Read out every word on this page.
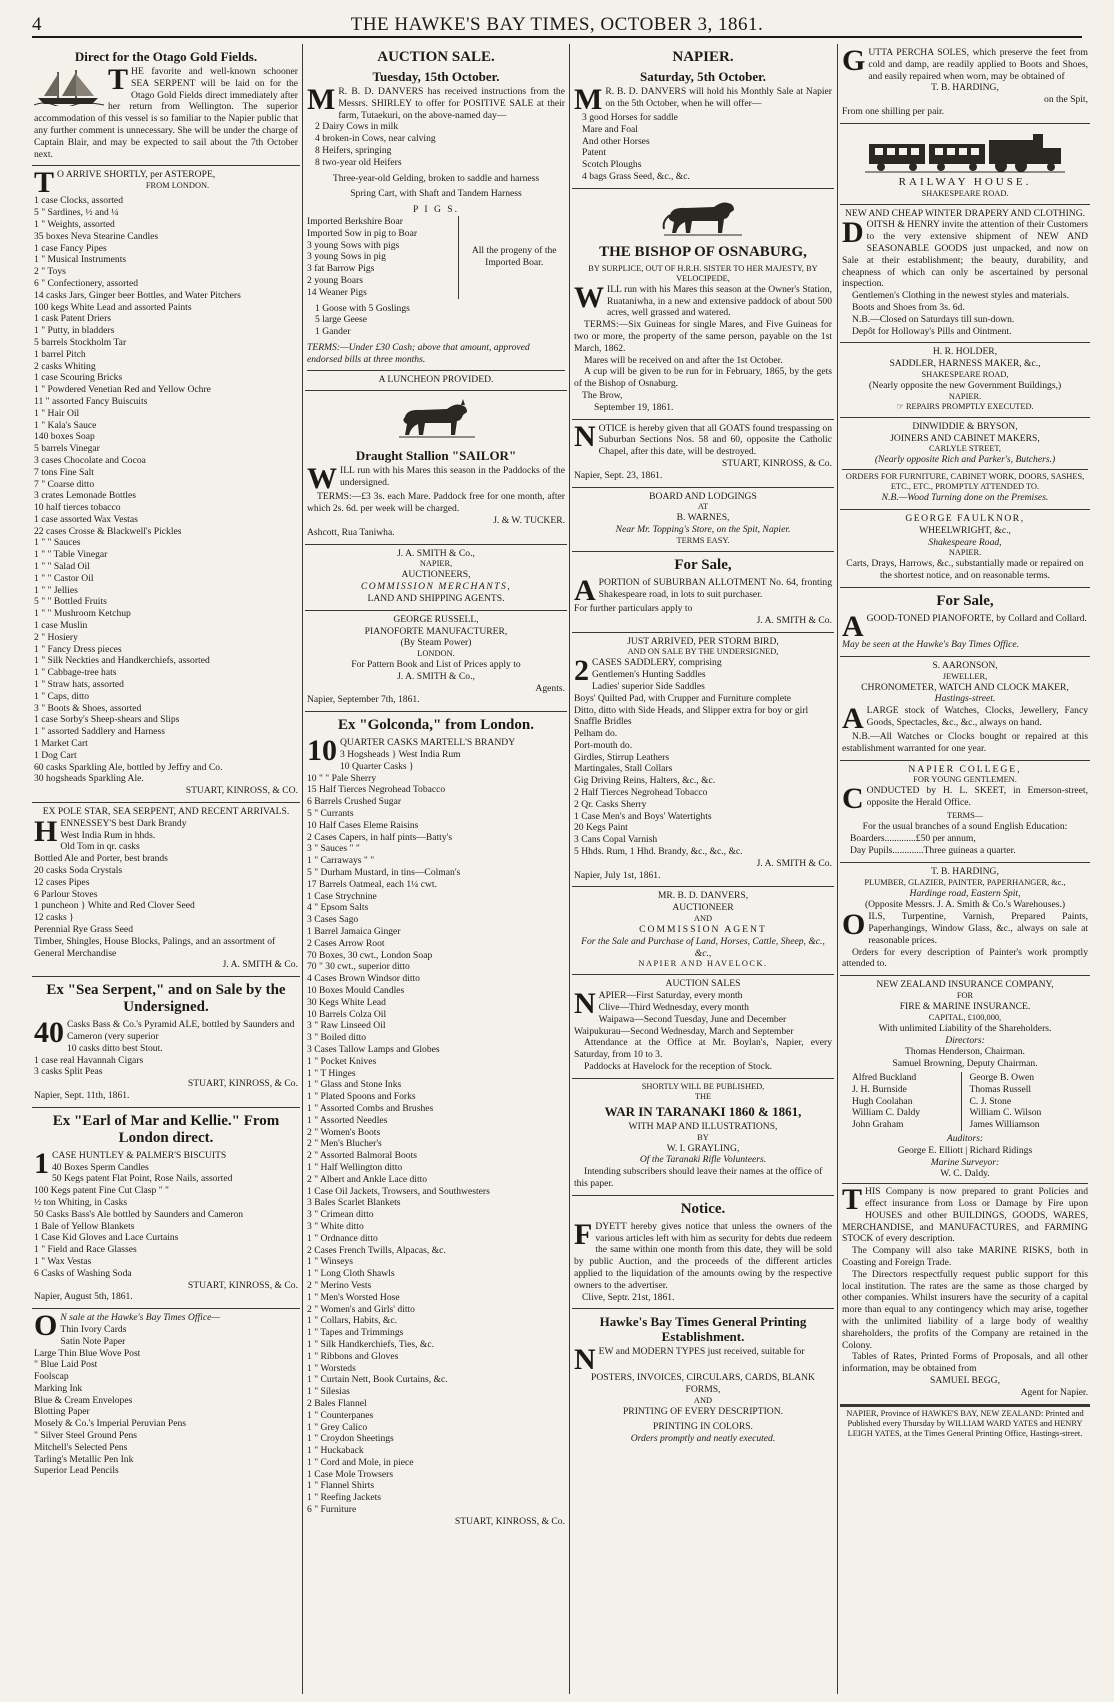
4	THE HAWKE'S BAY TIMES, OCTOBER 3, 1861.
Direct for the Otago Gold Fields.

THE favorite and well-known schooner SEA SERPENT will be laid on for the Otago Gold Fields direct immediately after her return from Wellington. The superior accommodation of this vessel is so familiar to the Napier public that any further comment is unnecessary. She will be under the charge of Captain Blair, and may be expected to sail about the 7th October next.

T O ARRIVE SHORTLY, per ASTEROPE,
FROM LONDON.
1 case Clocks, assorted
5 " Sardines, ½ and ¼
1 " Weights, assorted
35 boxes Neva Stearine Candles
1 case Fancy Pipes
1 " Musical Instruments
2 " Toys
6 " Confectionery, assorted
14 casks Jars, Ginger beer Bottles, and Water Pitchers
100 kegs White Lead and assorted Paints
1 cask Patent Driers
1 " Putty, in bladders
5 barrels Stockholm Tar
1 barrel Pitch
2 casks Whiting
1 case Scouring Bricks
1 " Powdered Venetian Red and Yellow Ochre
11 " assorted Fancy Buiscuits
1 " Hair Oil
1 " Kala's Sauce
140 boxes Soap
5 barrels Vinegar
3 cases Chocolate and Cocoa
7 tons Fine Salt
7 " Coarse ditto
3 crates Lemonade Bottles
10 half tierces tobacco
1 case assorted Wax Vestas
22 cases Crosse & Blackwell's Pickles
1 " " Sauces
1 " " Table Vinegar
1 " " Salad Oil
1 " " Castor Oil
1 " " Jellies
5 " " Bottled Fruits
1 " " Mushroom Ketchup
1 case Muslin
2 " Hosiery
1 " Fancy Dress pieces
1 " Silk Neckties and Handkerchiefs, assorted
1 " Cabbage-tree hats
1 " Straw hats, assorted
1 " Caps, ditto
3 " Boots & Shoes, assorted
1 case Sorby's Sheep-shears and Slips
1 " assorted Saddlery and Harness
1 Market Cart
1 Dog Cart
60 casks Sparkling Ale, bottled by Jeffry and Co.
30 hogsheads Sparkling Ale.
STUART, KINROSS, & CO.
EX POLE STAR, SEA SERPENT, AND RECENT ARRIVALS.
H ENNESSEY'S best Dark Brandy
West India Rum in hhds.
Old Tom in qr. casks
Bottled Ale and Porter, best brands
20 casks Soda Crystals
12 cases Pipes
6 Parlour Stoves
1 puncheon } White and Red Clover Seed
12 casks }
Perennial Rye Grass Seed
Timber, Shingles, House Blocks, Palings, and an assortment of General Merchandise
J. A. SMITH & Co.
Ex "Sea Serpent," and on Sale by the Undersigned.
40 Casks Bass & Co.'s Pyramid ALE, bottled by Saunders and Cameron (very superior
10 casks ditto best Stout.
1 case real Havannah Cigars
3 casks Split Peas
STUART, KINROSS, & Co.
Napier, Sept. 11th, 1861.
Ex "Earl of Mar and Kellie." From London direct.
1 CASE HUNTLEY & PALMER'S BISCUITS
40 Boxes Sperm Candles
50 Kegs patent Flat Point, Rose Nails, assorted
100 Kegs patent Fine Cut Clasp " "
½ ton Whiting, in Casks
50 Casks Bass's Ale bottled by Saunders and Cameron
1 Bale of Yellow Blankets
1 Case Kid Gloves and Lace Curtains
1 " Field and Race Glasses
1 " Wax Vestas
6 Casks of Washing Soda
STUART, KINROSS, & Co.
Napier, August 5th, 1861.
O N sale at the Hawke's Bay Times Office—
Thin Ivory Cards
Satin Note Paper
Large Thin Blue Wove Post
" Blue Laid Post
Foolscap
Marking Ink
Blue & Cream Envelopes
Blotting Paper
Mosely & Co.'s Imperial Peruvian Pens
" Silver Steel Ground Pens
Mitchell's Selected Pens
Tarling's Metallic Pen Ink
Superior Lead Pencils
AUCTION SALE.
Tuesday, 15th October.

M R. B. D. DANVERS has received instructions from the Messrs. SHIRLEY to offer for POSITIVE SALE at their farm, Tutaekuri, on the above-named day—

2 Dairy Cows in milk
4 broken-in Cows, near calving
8 Heifers, springing
8 two-year old Heifers
Three-year-old Gelding, broken to saddle and harness
Spring Cart, with Shaft and Tandem Harness
P I G S.
Imported Berkshire Boar
Imported Sow in pig to Boar
3 young Sows with pigs
3 young Sows in pig
3 fat Barrow Pigs
2 young Boars
14 Weaner Pigs
All the progeny of the Imported Boar.
1 Goose with 5 Goslings
5 large Geese
1 Gander
TERMS:—Under £30 Cash; above that amount, approved endorsed bills at three months.
A LUNCHEON PROVIDED.
Draught Stallion "SAILOR"

WILL run with his Mares this season in the Paddocks of the undersigned.

TERMS:—£3 3s. each Mare. Paddock free for one month, after which 2s. 6d. per week will be charged.

J. & W. TUCKER.
Ashcott, Rua Taniwha.
J. A. SMITH & Co.,
NAPIER,
AUCTIONEERS,
COMMISSION MERCHANTS,
LAND AND SHIPPING AGENTS.
GEORGE RUSSELL,
PIANOFORTE MANUFACTURER,
(By Steam Power)
LONDON.
For Pattern Book and List of Prices apply to
J. A. SMITH & Co.,
Agents.
Napier, September 7th, 1861.
Ex "Golconda," from London.
10 QUARTER CASKS MARTELL'S BRANDY
3 Hogsheads } West India Rum
10 Quarter Casks }
10 " " Pale Sherry
15 Half Tierces Negrohead Tobacco
6 Barrels Crushed Sugar
5 " Currants
10 Half Cases Eleme Raisins
2 Cases Capers, in half pints—Batty's
3 " Sauces " "
1 " Carraways " "
5 " Durham Mustard, in tins—Colman's
17 Barrels Oatmeal, each 1¼ cwt.
1 Case Strychnine
4 " Epsom Salts
3 Cases Sago
1 Barrel Jamaica Ginger
2 Cases Arrow Root
70 Boxes, 30 cwt., London Soap
70 " 30 cwt., superior ditto
4 Cases Brown Windsor ditto
10 Boxes Mould Candles
30 Kegs White Lead
10 Barrels Colza Oil
3 " Raw Linseed Oil
3 " Boiled ditto
3 Cases Tallow Lamps and Globes
1 " Pocket Knives
1 " T Hinges
1 " Glass and Stone Inks
1 " Plated Spoons and Forks
1 " Assorted Combs and Brushes
1 " Assorted Needles
2 " Women's Boots
2 " Men's Blucher's
2 " Assorted Balmoral Boots
1 " Half Wellington ditto
2 " Albert and Ankle Lace ditto
1 Case Oil Jackets, Trowsers, and Southwesters
3 Bales Scarlet Blankets
3 " Crimean ditto
3 " White ditto
1 " Ordnance ditto
2 Cases French Twills, Alpacas, &c.
1 " Winseys
1 " Long Cloth Shawls
2 " Merino Vests
1 " Men's Worsted Hose
2 " Women's and Girls' ditto
1 " Collars, Habits, &c.
1 " Tapes and Trimmings
1 " Silk Handkerchiefs, Ties, &c.
1 " Ribbons and Gloves
1 " Worsteds
1 " Curtain Nett, Book Curtains, &c.
1 " Silesias
2 Bales Flannel
1 " Counterpanes
1 " Grey Calico
1 " Croydon Sheetings
1 " Huckaback
1 " Cord and Mole, in piece
1 Case Mole Trowsers
1 " Flannel Shirts
1 " Reefing Jackets
6 " Furniture
STUART, KINROSS, & Co.
NAPIER.
Saturday, 5th October.

M R. B. D. DANVERS will hold his Monthly Sale at Napier on the 5th October, when he will offer—

3 good Horses for saddle
Mare and Foal
And other Horses
Patent
Scotch Ploughs
4 bags Grass Seed, &c., &c.
THE BISHOP OF OSNABURG,
BY SURPLICE, OUT OF H.R.H. SISTER TO HER MAJESTY, BY VELOCIPEDE,

WILL run with his Mares this season at the Owner's Station, Ruataniwha, in a new and extensive paddock of about 500 acres, well grassed and watered.

TERMS:—Six Guineas for single Mares, and Five Guineas for two or more, the property of the same person, payable on the 1st March, 1862.

Mares will be received on and after the 1st October.

A cup will be given to be run for in February, 1865, by the gets of the Bishop of Osnaburg.

The Brow,
September 19, 1861.

NOTICE is hereby given that all GOATS found trespassing on Suburban Sections Nos. 58 and 60, opposite the Catholic Chapel, after this date, will be destroyed.

STUART, KINROSS, & Co.
Napier, Sept. 23, 1861.
BOARD AND LODGINGS
AT
B. WARNES,
Near Mr. Topping's Store, on the Spit, Napier.
TERMS EASY.
For Sale,

APORTION of SUBURBAN ALLOTMENT No. 64, fronting Shakespeare road, in lots to suit purchaser.

For further particulars apply to
J. A. SMITH & Co.
JUST ARRIVED, PER STORM BIRD,
AND ON SALE BY THE UNDERSIGNED,
2 CASES SADDLERY, comprising
Gentlemen's Hunting Saddles
Ladies' superior Side Saddles
Boys' Quilted Pad, with Crupper and Furniture complete
Ditto, ditto with Side Heads, and Slipper extra for boy or girl
Snaffle Bridles
Pelham do.
Port-mouth do.
Girdles, Stirrup Leathers
Martingales, Stall Collars
Gig Driving Reins, Halters, &c., &c.
2 Half Tierces Negrohead Tobacco
2 Qr. Casks Sherry
1 Case Men's and Boys' Watertights
20 Kegs Paint
3 Cans Copal Varnish
5 Hhds. Rum, 1 Hhd. Brandy, &c., &c., &c.
J. A. SMITH & Co.
Napier, July 1st, 1861.
MR. B. D. DANVERS,
AUCTIONEER
AND
COMMISSION AGENT
For the Sale and Purchase of Land, Horses, Cattle, Sheep, &c., &c.,
NAPIER AND HAVELOCK.
AUCTION SALES
N APIER—First Saturday, every month
Clive—Third Wednesday, every month
Waipawa—Second Tuesday, June and December
Waipukurau—Second Wednesday, March and September

Attendance at the Office at Mr. Boylan's, Napier, every Saturday, from 10 to 3.

Paddocks at Havelock for the reception of Stock.

SHORTLY WILL BE PUBLISHED,
THE
WAR IN TARANAKI 1860 & 1861,
WITH MAP AND ILLUSTRATIONS,
BY
W. I. GRAYLING,
Of the Taranaki Rifle Volunteers.

Intending subscribers should leave their names at the office of this paper.

Notice.

FDYETT hereby gives notice that unless the owners of the various articles left with him as security for debts due redeem the same within one month from this date, they will be sold by public Auction, and the proceeds of the different articles applied to the liquidation of the amounts owing by the respective owners to the advertiser.

Clive, Septr. 21st, 1861.
Hawke's Bay Times General Printing Establishment.

NEW and MODERN TYPES just received, suitable for

POSTERS, INVOICES, CIRCULARS, CARDS, BLANK FORMS,
AND
PRINTING OF EVERY DESCRIPTION.
PRINTING IN COLORS.
Orders promptly and neatly executed.

GUTTA PERCHA SOLES, which preserve the feet from cold and damp, are readily applied to Boots and Shoes, and easily repaired when worn, may be obtained of

T. B. HARDING,
on the Spit,
From one shilling per pair.
RAILWAY HOUSE.
SHAKESPEARE ROAD.
NEW AND CHEAP WINTER DRAPERY AND CLOTHING.

DOITSH & HENRY invite the attention of their Customers to the very extensive shipment of NEW AND SEASONABLE GOODS just unpacked, and now on Sale at their establishment; the beauty, durability, and cheapness of which can only be ascertained by personal inspection.

Gentlemen's Clothing in the newest styles and materials.

Boots and Shoes from 3s. 6d.

N.B.—Closed on Saturdays till sun-down.

Depôt for Holloway's Pills and Ointment.

H. R. HOLDER,
SADDLER, HARNESS MAKER, &c.,
SHAKESPEARE ROAD,
(Nearly opposite the new Government Buildings,)
NAPIER.
☞ REPAIRS PROMPTLY EXECUTED.
DINWIDDIE & BRYSON,
JOINERS AND CABINET MAKERS,
CARLYLE STREET,
(Nearly opposite Rich and Parker's, Butchers.)
ORDERS FOR FURNITURE, CABINET WORK, DOORS, SASHES, ETC., ETC., PROMPTLY ATTENDED TO.
N.B.—Wood Turning done on the Premises.
GEORGE FAULKNOR,
WHEELWRIGHT, &c.,
Shakespeare Road,
NAPIER.

Carts, Drays, Harrows, &c., substantially made or repaired on the shortest notice, and on reasonable terms.

For Sale,

AGOOD-TONED PIANOFORTE, by Collard and Collard.

May be seen at the Hawke's Bay Times Office.
S. AARONSON,
JEWELLER,
CHRONOMETER, WATCH AND CLOCK MAKER,
Hastings-street.

ALARGE stock of Watches, Clocks, Jewellery, Fancy Goods, Spectacles, &c., &c., always on hand.

N.B.—All Watches or Clocks bought or repaired at this establishment warranted for one year.

NAPIER COLLEGE,
FOR YOUNG GENTLEMEN.

CONDUCTED by H. L. SKEET, in Emerson-street, opposite the Herald Office.

TERMS—
For the usual branches of a sound English Education:
Boarders.............£50 per annum,
Day Pupils.............Three guineas a quarter.
T. B. HARDING,
PLUMBER, GLAZIER, PAINTER, PAPERHANGER, &c.,
Hardinge road, Eastern Spit,
(Opposite Messrs. J. A. Smith & Co.'s Warehouses.)

OILS, Turpentine, Varnish, Prepared Paints, Paperhangings, Window Glass, &c., always on sale at reasonable prices.

Orders for every description of Painter's work promptly attended to.

NEW ZEALAND INSURANCE COMPANY,
FOR
FIRE & MARINE INSURANCE.
CAPITAL, £100,000,
With unlimited Liability of the Shareholders.
Directors:
Thomas Henderson, Chairman.
Samuel Browning, Deputy Chairman.
Alfred Buckland
J. H. Burnside
Hugh Coolahan
William C. Daldy
John Graham
George B. Owen
Thomas Russell
C. J. Stone
William C. Wilson
James Williamson
Auditors:
George E. Elliott | Richard Ridings
Marine Surveyor:
W. C. Daldy.

THIS Company is now prepared to grant Policies and effect insurance from Loss or Damage by Fire upon HOUSES and other BUILDINGS, GOODS, WARES, MERCHANDISE, and MANUFACTURES, and FARMING STOCK of every description.

The Company will also take MARINE RISKS, both in Coasting and Foreign Trade.

The Directors respectfully request public support for this local institution. The rates are the same as those charged by other companies. Whilst insurers have the security of a capital more than equal to any contingency which may arise, together with the unlimited liability of a large body of wealthy shareholders, the profits of the Company are retained in the Colony.

Tables of Rates, Printed Forms of Proposals, and all other information, may be obtained from

SAMUEL BEGG,
Agent for Napier.
NAPIER, Province of HAWKE'S BAY, NEW ZEALAND: Printed and Published every Thursday by WILLIAM WARD YATES and HENRY LEIGH YATES, at the Times General Printing Office, Hastings-street.
